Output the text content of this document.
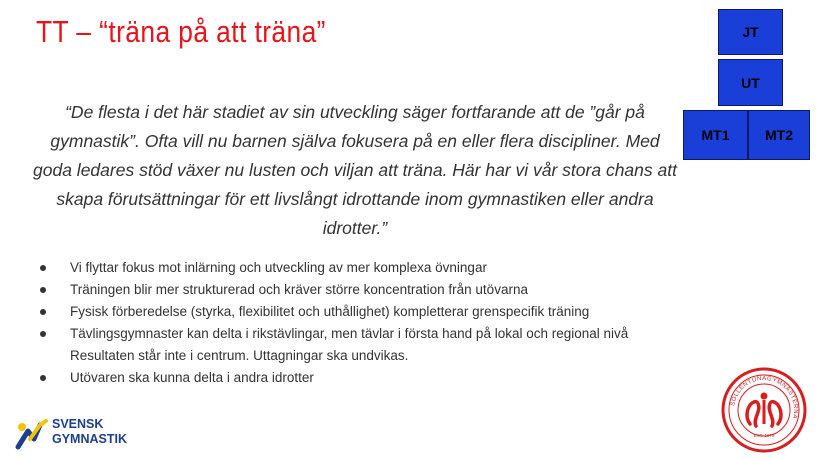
TT – “träna på att träna”
“De flesta i det här stadiet av sin utveckling säger fortfarande att de ”går på gymnastik”. Ofta vill nu barnen själva fokusera på en eller flera discipliner. Med goda ledares stöd växer nu lusten och viljan att träna. Här har vi vår stora chans att skapa förutsättningar för ett livslångt idrottande inom gymnastiken eller andra idrotter.”
Vi flyttar fokus mot inlärning och utveckling av mer komplexa övningar
Träningen blir mer strukturerad och kräver större koncentration från utövarna
Fysisk förberedelse (styrka, flexibilitet och uthållighet) kompletterar grenspecifik träning
Tävlingsgymnaster kan delta i rikstävlingar, men tävlar i första hand på lokal och regional nivå
Resultaten står inte i centrum. Uttagningar ska undvikas.
Utövaren ska kunna delta i andra idrotter
JT
UT
MT1	MT2
SVENSK
GYMNASTIK
SOLLENTUNAGYMNASTERNA
EST. 1979
